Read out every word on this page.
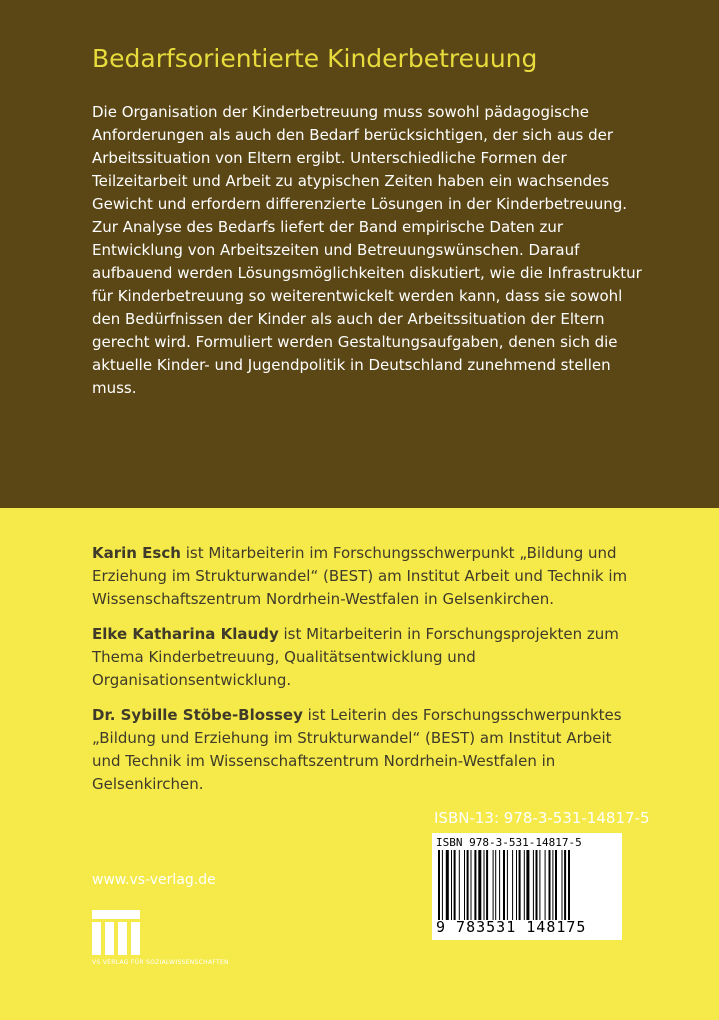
Bedarfsorientierte Kinderbetreuung
Die Organisation der Kinderbetreuung muss sowohl pädagogische Anforderungen als auch den Bedarf berücksichtigen, der sich aus der Arbeitssituation von Eltern ergibt. Unterschiedliche Formen der Teilzeitarbeit und Arbeit zu atypischen Zeiten haben ein wachsendes Gewicht und erfordern differenzierte Lösungen in der Kinderbetreuung. Zur Analyse des Bedarfs liefert der Band empirische Daten zur Entwicklung von Arbeitszeiten und Betreuungswünschen. Darauf aufbauend werden Lösungsmöglichkeiten diskutiert, wie die Infrastruktur für Kinderbetreuung so weiterentwickelt werden kann, dass sie sowohl den Bedürfnissen der Kinder als auch der Arbeitssituation der Eltern gerecht wird. Formuliert werden Gestaltungsaufgaben, denen sich die aktuelle Kinder- und Jugendpolitik in Deutschland zunehmend stellen muss.

Karin Esch ist Mitarbeiterin im Forschungsschwerpunkt „Bildung und Erziehung im Strukturwandel“ (BEST) am Institut Arbeit und Technik im Wissenschaftszentrum Nordrhein-Westfalen in Gelsenkirchen.

Elke Katharina Klaudy ist Mitarbeiterin in Forschungsprojekten zum Thema Kinderbetreuung, Qualitätsentwicklung und Organisationsentwicklung.

Dr. Sybille Stöbe-Blossey ist Leiterin des Forschungsschwerpunktes „Bildung und Erziehung im Strukturwandel“ (BEST) am Institut Arbeit und Technik im Wissenschaftszentrum Nordrhein-Westfalen in Gelsenkirchen.

ISBN-13: 978-3-531-14817-5
ISBN 978-3-531-14817-5
9 783531 148175
www.vs-verlag.de
VS VERLAG FÜR SOZIALWISSENSCHAFTEN
